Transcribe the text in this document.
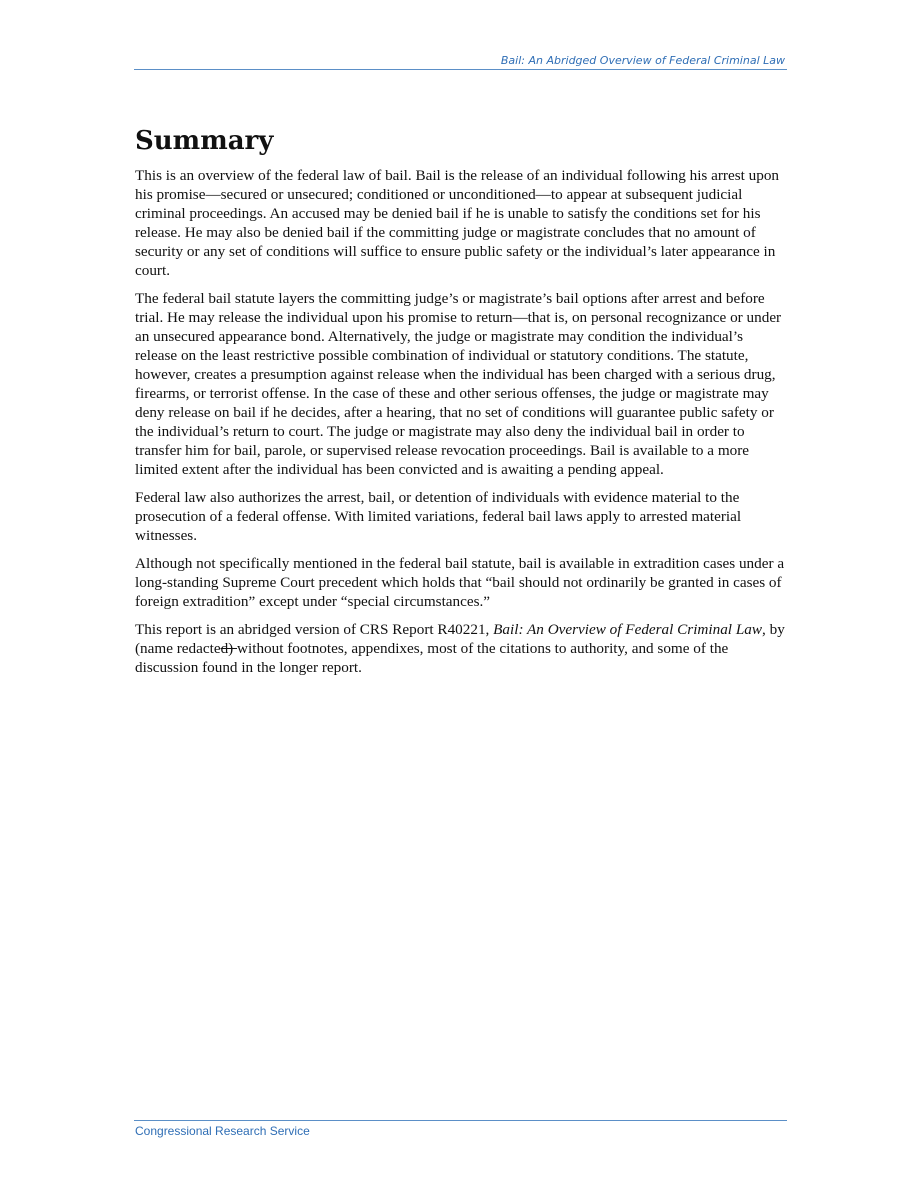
Bail: An Abridged Overview of Federal Criminal Law
Summary

This is an overview of the federal law of bail. Bail is the release of an individual following his arrest upon his promise—secured or unsecured; conditioned or unconditioned—to appear at subsequent judicial criminal proceedings. An accused may be denied bail if he is unable to satisfy the conditions set for his release. He may also be denied bail if the committing judge or magistrate concludes that no amount of security or any set of conditions will suffice to ensure public safety or the individual’s later appearance in court.

The federal bail statute layers the committing judge’s or magistrate’s bail options after arrest and before trial. He may release the individual upon his promise to return—that is, on personal recognizance or under an unsecured appearance bond. Alternatively, the judge or magistrate may condition the individual’s release on the least restrictive possible combination of individual or statutory conditions. The statute, however, creates a presumption against release when the individual has been charged with a serious drug, firearms, or terrorist offense. In the case of these and other serious offenses, the judge or magistrate may deny release on bail if he decides, after a hearing, that no set of conditions will guarantee public safety or the individual’s return to court. The judge or magistrate may also deny the individual bail in order to transfer him for bail, parole, or supervised release revocation proceedings. Bail is available to a more limited extent after the individual has been convicted and is awaiting a pending appeal.

Federal law also authorizes the arrest, bail, or detention of individuals with evidence material to the prosecution of a federal offense. With limited variations, federal bail laws apply to arrested material witnesses.

Although not specifically mentioned in the federal bail statute, bail is available in extradition cases under a long-standing Supreme Court precedent which holds that “bail should not ordinarily be granted in cases of foreign extradition” except under “special circumstances.”

This report is an abridged version of CRS Report R40221, Bail: An Overview of Federal Criminal Law, by (name redacted) without footnotes, appendixes, most of the citations to authority, and some of the discussion found in the longer report.

Congressional Research Service
